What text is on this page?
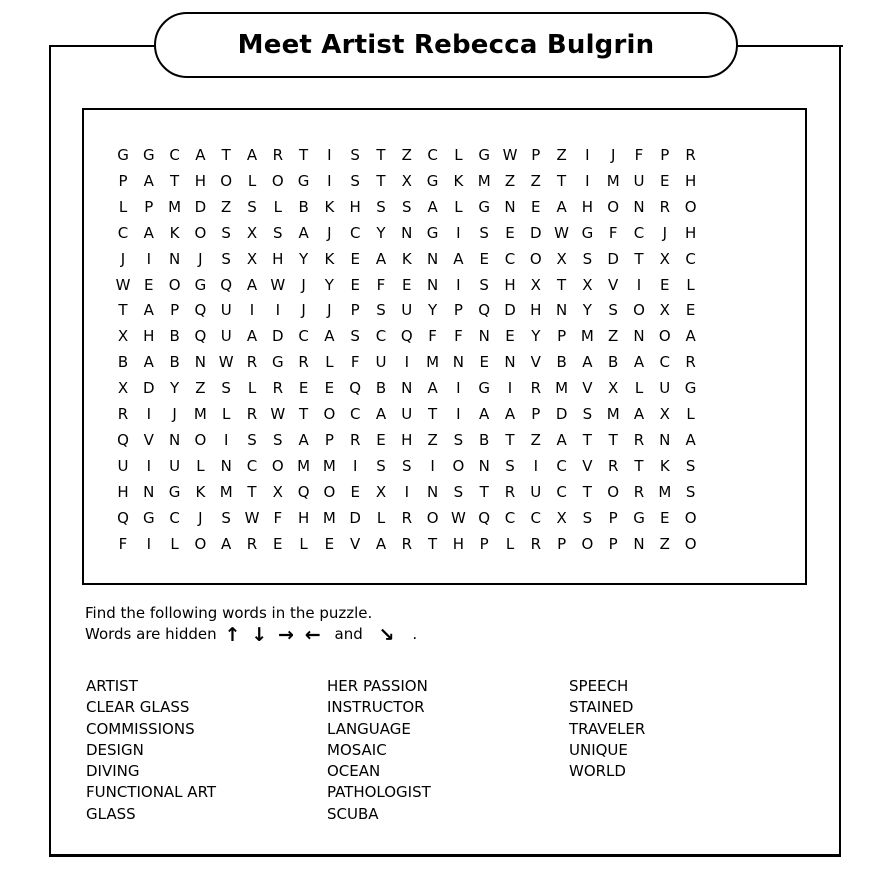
Meet Artist Rebecca Bulgrin
G G C	A	T	A	R	T	I	S	T	Z	C	L	G W P	Z	I	J	F	P	R
P	A	T	H O	L	O G	I	S	T	X G	K M Z	Z	T	I	M U	E	H
L	P M D Z	S	L	B	K	H	S	S	A	L	G N	E	A	H O N R O
C	A	K O	S	X	S	A	J	C	Y	N G	I	S	E	D W G	F	C	J	H
J	I	N	J	S	X	H	Y	K	E	A	K	N	A	E	C O X	S	D	T	X	C
W E	O G Q A W	J	Y	E	F	E	N	I	S	H	X	T	X	V	I	E	L
T	A	P	Q U	I	I	J	J	P	S	U	Y	P	Q D H N	Y	S	O X	E
X	H	B Q U	A D C	A	S	C Q	F	F	N	E	Y	P M Z	N O A
B	A	B	N W R G R	L	F	U	I	M N	E	N	V	B	A	B	A	C	R
X D	Y	Z	S	L	R	E	E	Q B	N	A	I	G	I	R M V	X	L	U G
R	I	J	M	L	R W T	O C	A	U	T	I	A	A	P	D	S M A	X	L
Q V	N O	I	S	S	A	P	R	E	H	Z	S	B	T	Z	A	T	T	R N	A
U	I	U	L	N C O M M	I	S	S	I	O N	S	I	C	V	R	T	K	S
H N G	K M T	X Q O	E	X	I	N	S	T	R	U	C	T	O R M S
Q G C	J	S W F	H M D	L	R O W Q C	C	X	S	P	G	E	O
F	I	L	O A	R	E	L	E	V	A	R	T	H	P	L	R	P	O	P	N	Z O
Find the following words in the puzzle.
Words are hidden ↑ ↓ → ← and ↘ .
ARTIST
CLEAR GLASS
COMMISSIONS
DESIGN
DIVING
FUNCTIONAL ART
GLASS
HER PASSION
INSTRUCTOR
LANGUAGE
MOSAIC
OCEAN
PATHOLOGIST
SCUBA
SPEECH
STAINED
TRAVELER
UNIQUE
WORLD
